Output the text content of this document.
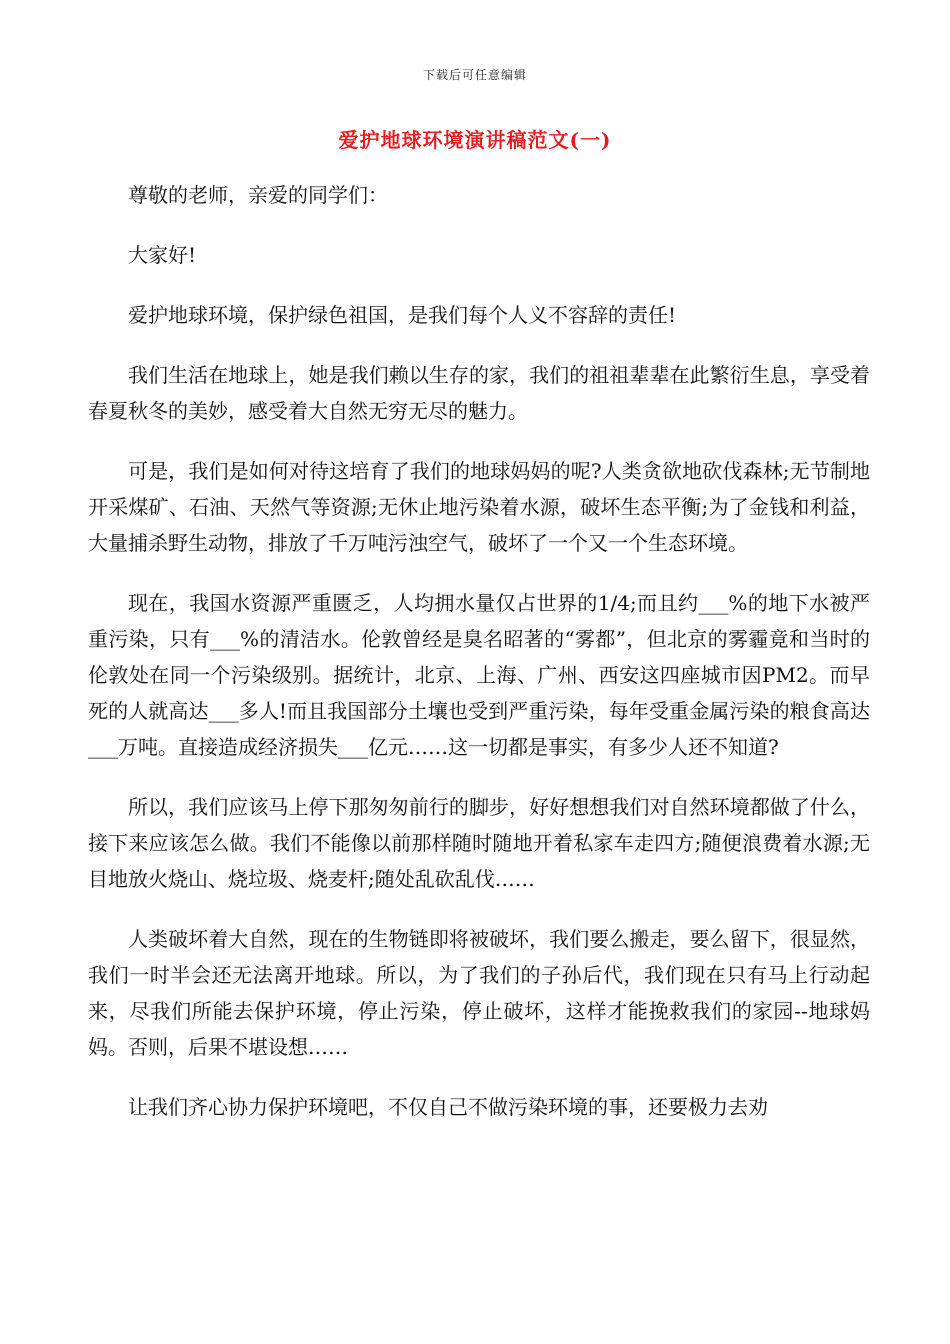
下载后可任意编辑
爱护地球环境演讲稿范文(一)

尊敬的老师，亲爱的同学们：

大家好!

爱护地球环境，保护绿色祖国，是我们每个人义不容辞的责任!

我们生活在地球上，她是我们赖以生存的家，我们的祖祖辈辈在此繁衍生息，享受着春夏秋冬的美妙，感受着大自然无穷无尽的魅力。

可是，我们是如何对待这培育了我们的地球妈妈的呢?人类贪欲地砍伐森林;无节制地开采煤矿、石油、天然气等资源;无休止地污染着水源，破坏生态平衡;为了金钱和利益，大量捕杀野生动物，排放了千万吨污浊空气，破坏了一个又一个生态环境。

现在，我国水资源严重匮乏，人均拥水量仅占世界的1/4;而且约___%的地下水被严重污染，只有___%的清洁水。伦敦曾经是臭名昭著的“雾都”，但北京的雾霾竟和当时的伦敦处在同一个污染级别。据统计，北京、上海、广州、西安这四座城市因PM2。而早死的人就高达___多人!而且我国部分土壤也受到严重污染，每年受重金属污染的粮食高达___万吨。直接造成经济损失___亿元……这一切都是事实，有多少人还不知道?

所以，我们应该马上停下那匆匆前行的脚步，好好想想我们对自然环境都做了什么，接下来应该怎么做。我们不能像以前那样随时随地开着私家车走四方;随便浪费着水源;无目地放火烧山、烧垃圾、烧麦杆;随处乱砍乱伐……

人类破坏着大自然，现在的生物链即将被破坏，我们要么搬走，要么留下，很显然，我们一时半会还无法离开地球。所以，为了我们的子孙后代，我们现在只有马上行动起来，尽我们所能去保护环境，停止污染，停止破坏，这样才能挽救我们的家园--地球妈妈。否则，后果不堪设想……

让我们齐心协力保护环境吧，不仅自己不做污染环境的事，还要极力去劝
